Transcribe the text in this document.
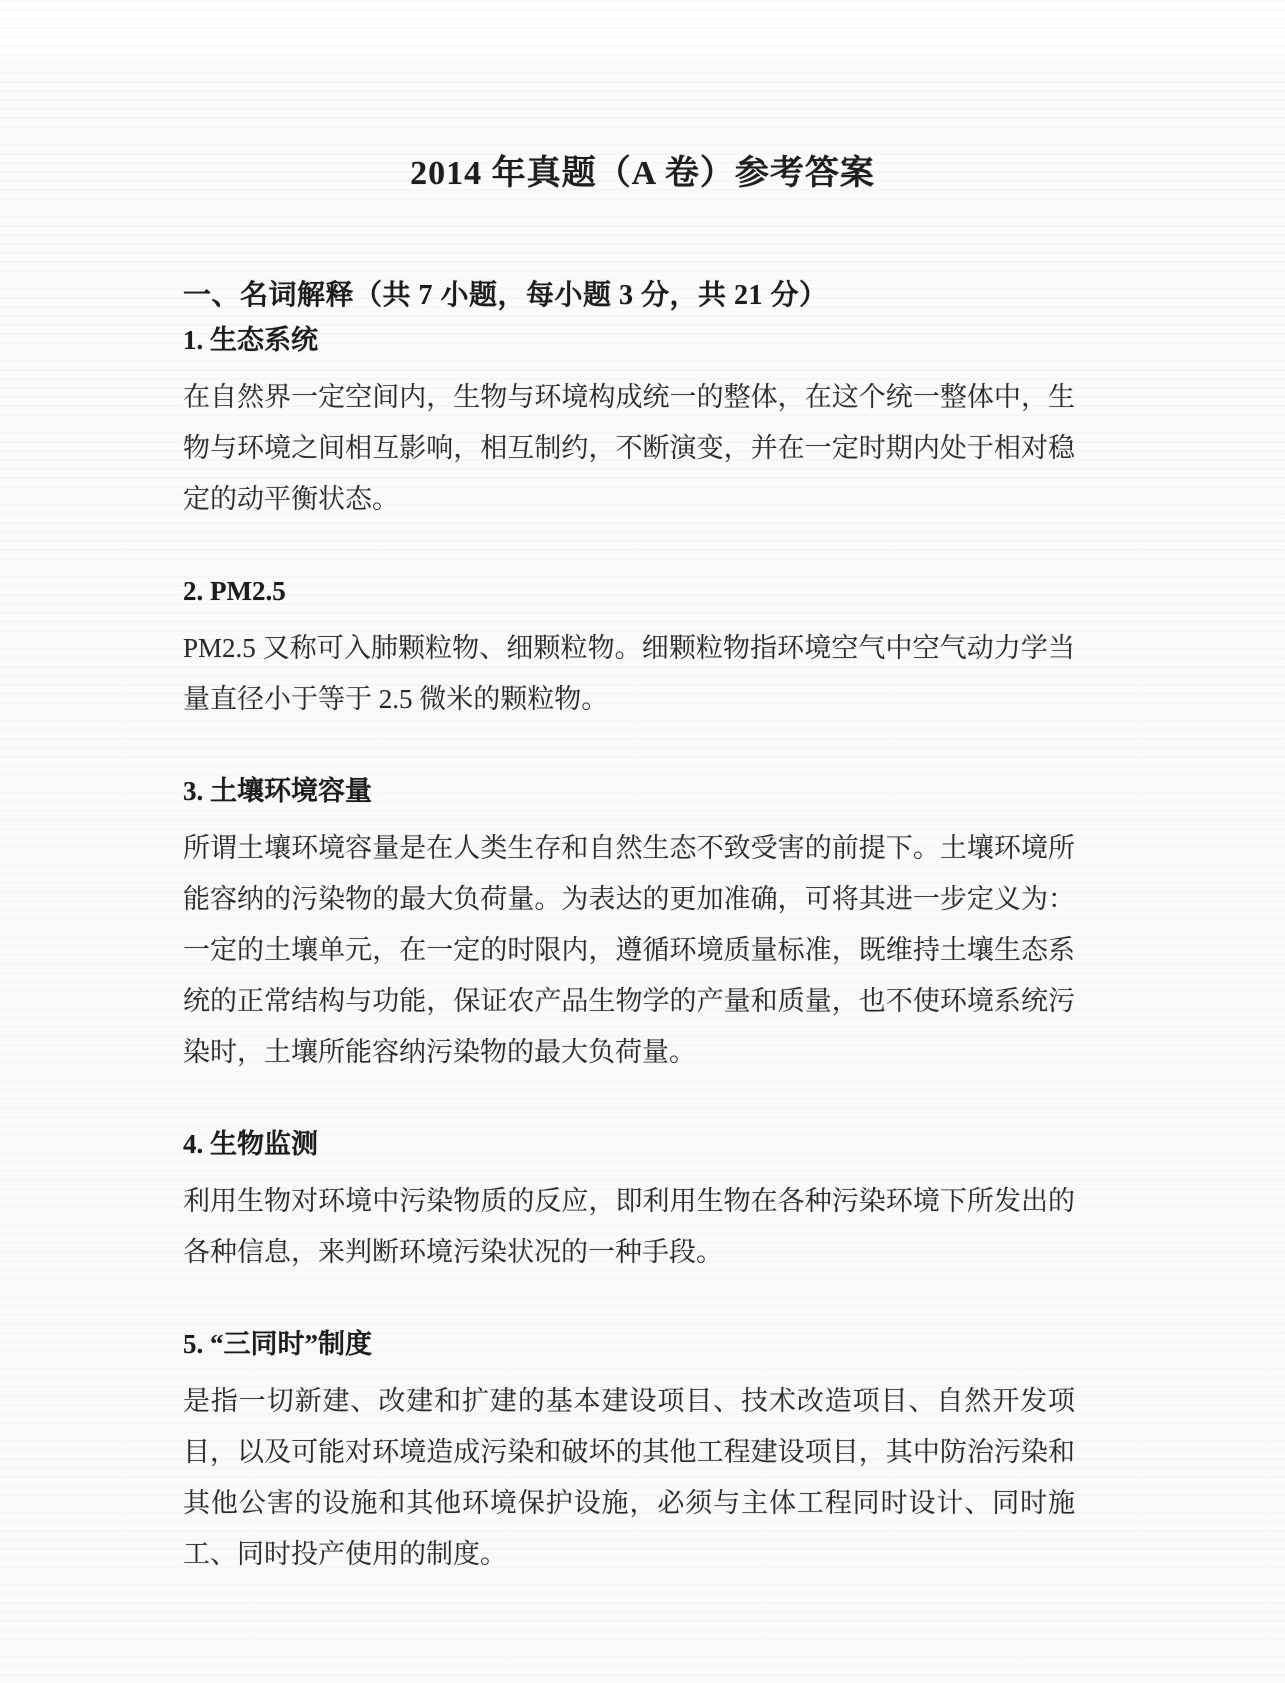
2014 年真题（A 卷）参考答案
一、名词解释（共 7 小题，每小题 3 分，共 21 分）
1. 生态系统
在自然界一定空间内，生物与环境构成统一的整体，在这个统一整体中，生物与环境之间相互影响，相互制约，不断演变，并在一定时期内处于相对稳定的动平衡状态。
2. PM2.5
PM2.5 又称可入肺颗粒物、细颗粒物。细颗粒物指环境空气中空气动力学当量直径小于等于 2.5 微米的颗粒物。
3. 土壤环境容量
所谓土壤环境容量是在人类生存和自然生态不致受害的前提下。土壤环境所能容纳的污染物的最大负荷量。为表达的更加准确，可将其进一步定义为：一定的土壤单元，在一定的时限内，遵循环境质量标准，既维持土壤生态系统的正常结构与功能，保证农产品生物学的产量和质量，也不使环境系统污染时，土壤所能容纳污染物的最大负荷量。
4. 生物监测
利用生物对环境中污染物质的反应，即利用生物在各种污染环境下所发出的各种信息，来判断环境污染状况的一种手段。
5. “三同时”制度
是指一切新建、改建和扩建的基本建设项目、技术改造项目、自然开发项目，以及可能对环境造成污染和破坏的其他工程建设项目，其中防治污染和其他公害的设施和其他环境保护设施，必须与主体工程同时设计、同时施工、同时投产使用的制度。
